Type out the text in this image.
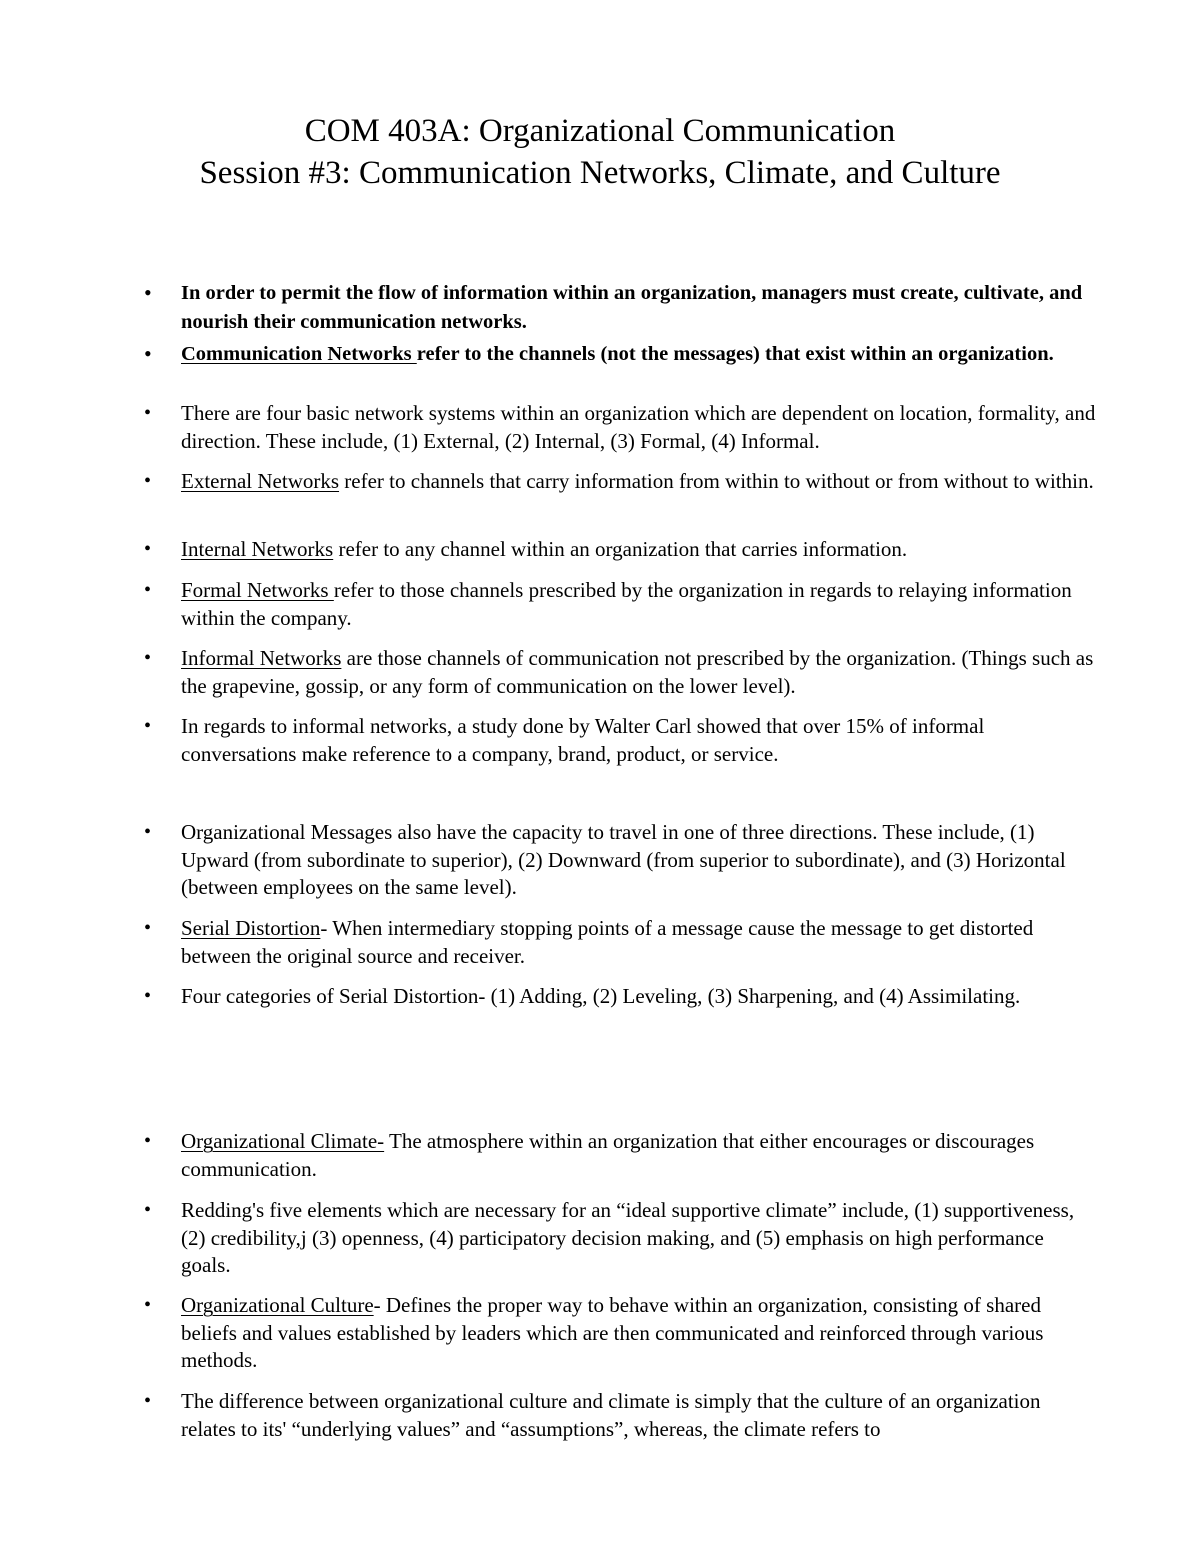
COM 403A: Organizational Communication
Session #3: Communication Networks, Climate, and Culture
• In order to permit the flow of information within an organization, managers must create, cultivate, and nourish their communication networks.
• Communication Networks refer to the channels (not the messages) that exist within an organization.
• There are four basic network systems within an organization which are dependent on location, formality, and direction. These include, (1) External, (2) Internal, (3) Formal, (4) Informal.
• External Networks refer to channels that carry information from within to without or from without to within.
• Internal Networks refer to any channel within an organization that carries information.
• Formal Networks refer to those channels prescribed by the organization in regards to relaying information within the company.
• Informal Networks are those channels of communication not prescribed by the organization. (Things such as the grapevine, gossip, or any form of communication on the lower level).
• In regards to informal networks, a study done by Walter Carl showed that over 15% of informal conversations make reference to a company, brand, product, or service.
• Organizational Messages also have the capacity to travel in one of three directions. These include, (1) Upward (from subordinate to superior), (2) Downward (from superior to subordinate), and (3) Horizontal (between employees on the same level).
• Serial Distortion- When intermediary stopping points of a message cause the message to get distorted between the original source and receiver.
• Four categories of Serial Distortion- (1) Adding, (2) Leveling, (3) Sharpening, and (4) Assimilating.
• Organizational Climate- The atmosphere within an organization that either encourages or discourages communication.
• Redding's five elements which are necessary for an “ideal supportive climate” include, (1) supportiveness, (2) credibility,j (3) openness, (4) participatory decision making, and (5) emphasis on high performance goals.
• Organizational Culture- Defines the proper way to behave within an organization, consisting of shared beliefs and values established by leaders which are then communicated and reinforced through various methods.
• The difference between organizational culture and climate is simply that the culture of an organization relates to its' “underlying values” and “assumptions”, whereas, the climate refers to
